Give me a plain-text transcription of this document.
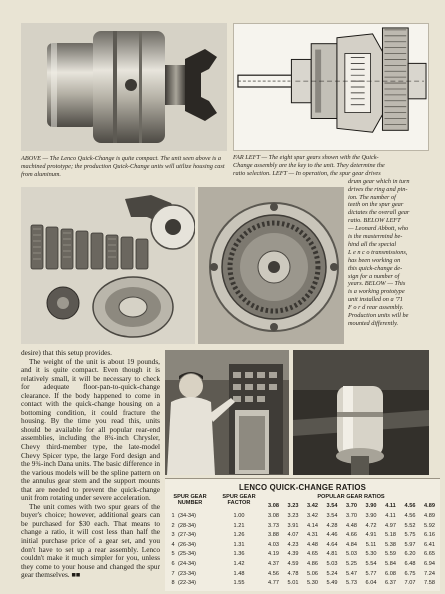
ABOVE — The Lenco Quick-Change is quite compact. The unit seen above is a machined prototype; the production Quick-Change units will utilize housing cast from aluminum.

FAR LEFT — The eight spur gears shown with the Quick-
Change assembly are the key to the unit. They determine the
ratio selection. LEFT — In operation, the spur gear drives
drum gear which in turn
drives the ring and pin-
ion. The number of
teeth on the spur gear
dictates the overall gear
ratio. BELOW LEFT
— Leonard Abbott, who
is the mastermind be-
hind all the special
L e n c o transmissions,
has been working on
this quick-change de-
sign for a number of
years. BELOW — This
is a working prototype
unit installed on a '71
F o r d rear assembly.
Production units will be
mounted differently.

desire) that this setup provides.

The weight of the unit is about 19 pounds, and it is quite compact. Even though it is relatively small, it will be necessary to check for adequate floor-pan-to-quick-change clearance. If the body happened to come in contact with the quick-change housing on a bottoming condition, it could fracture the housing. By the time you read this, units should be available for all popular rear-end assemblies, including the 8¾-inch Chrysler, Chevy third-member type, the late-model Chevy Spicer type, the large Ford design and the 9¾-inch Dana units. The basic difference in the various models will be the spline pattern on the annulus gear stem and the support mounts that are needed to prevent the quick-change unit from rotating under severe acceleration.

The unit comes with two spur gears of the buyer's choice; however, additional gears can be purchased for $30 each. That means to change a ratio, it will cost less than half the initial purchase price of a gear set, and you don't have to set up a rear assembly. Lenco couldn't make it much simpler for you, unless they come to your house and changed the spur gear themselves. ■■

LENCO QUICK-CHANGE RATIOS
SPUR GEAR
NUMBER
SPUR GEAR
FACTOR
POPULAR GEAR RATIOS
3.08	3.23	3.42	3.54	3.70	3.90	4.11	4.56	4.89
1 (34-34)	1.00	3.08	3.23	3.42	3.54	3.70	3.90	4.11	4.56	4.89
2 (28-34)	1.21	3.73	3.91	4.14	4.28	4.48	4.72	4.97	5.52	5.92
3 (27-34)	1.26	3.88	4.07	4.31	4.46	4.66	4.91	5.18	5.75	6.16
4 (26-34)	1.31	4.03	4.23	4.48	4.64	4.84	5.11	5.38	5.97	6.41
5 (25-34)	1.36	4.19	4.39	4.65	4.81	5.03	5.30	5.59	6.20	6.65
6 (24-34)	1.42	4.37	4.59	4.86	5.03	5.25	5.54	5.84	6.48	6.94
7 (23-34)	1.48	4.56	4.78	5.06	5.24	5.47	5.77	6.08	6.75	7.24
8 (22-34)	1.55	4.77	5.01	5.30	5.49	5.73	6.04	6.37	7.07	7.58
